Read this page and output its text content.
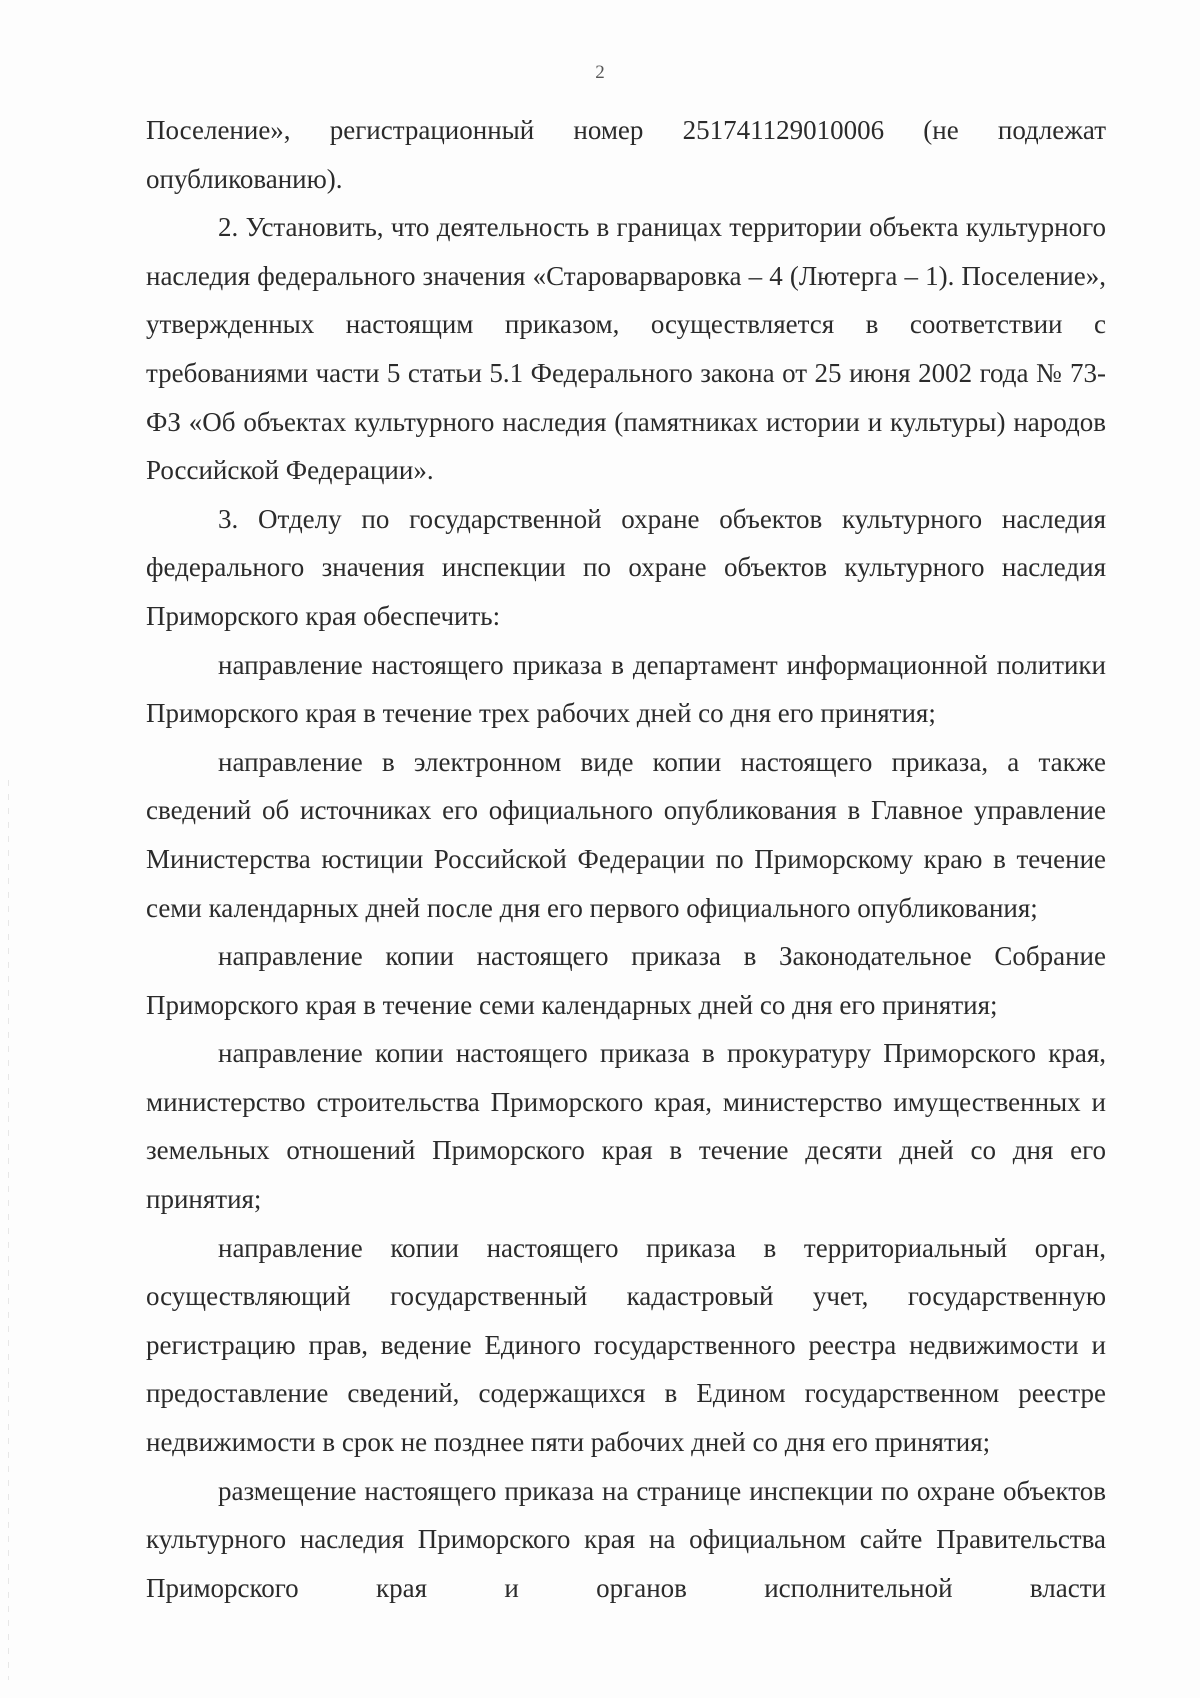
2

Поселение», регистрационный номер 251741129010006 (не подлежат опубликованию).

2. Установить, что деятельность в границах территории объекта культурного наследия федерального значения «Староварваровка – 4 (Лютерга – 1). Поселение», утвержденных настоящим приказом, осуществляется в соответствии с требованиями части 5 статьи 5.1 Федерального закона от 25 июня 2002 года № 73-ФЗ «Об объектах культурного наследия (памятниках истории и культуры) народов Российской Федерации».

3. Отделу по государственной охране объектов культурного наследия федерального значения инспекции по охране объектов культурного наследия Приморского края обеспечить:

направление настоящего приказа в департамент информационной политики Приморского края в течение трех рабочих дней со дня его принятия;

направление в электронном виде копии настоящего приказа, а также сведений об источниках его официального опубликования в Главное управление Министерства юстиции Российской Федерации по Приморскому краю в течение семи календарных дней после дня его первого официального опубликования;

направление копии настоящего приказа в Законодательное Собрание Приморского края в течение семи календарных дней со дня его принятия;

направление копии настоящего приказа в прокуратуру Приморского края, министерство строительства Приморского края, министерство имущественных и земельных отношений Приморского края в течение десяти дней со дня его принятия;

направление копии настоящего приказа в территориальный орган, осуществляющий государственный кадастровый учет, государственную регистрацию прав, ведение Единого государственного реестра недвижимости и предоставление сведений, содержащихся в Едином государственном реестре недвижимости в срок не позднее пяти рабочих дней со дня его принятия;

размещение настоящего приказа на странице инспекции по охране объектов культурного наследия Приморского края на официальном сайте Правительства Приморского края и органов исполнительной власти
